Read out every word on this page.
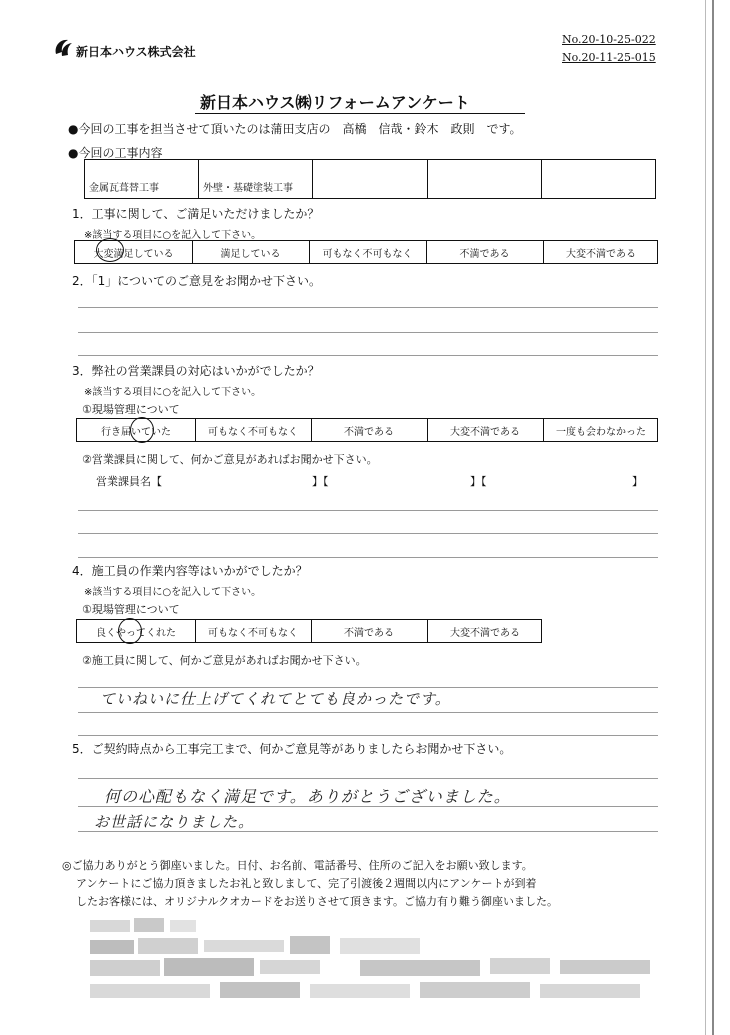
新日本ハウス株式会社
No.20-10-25-022
No.20-11-25-015
新日本ハウス㈱リフォームアンケート
●今回の工事を担当させて頂いたのは蒲田支店の　高橋　信哉・鈴木　政則　です。
●今回の工事内容
金属瓦葺替工事	外壁・基礎塗装工事
1．工事に関して、ご満足いただけましたか？
※該当する項目に○を記入して下さい。
大変満足している	満足している	可もなく不可もなく	不満である	大変不満である
2．「1」についてのご意見をお聞かせ下さい。
3．弊社の営業課員の対応はいかがでしたか？
※該当する項目に○を記入して下さい。
①現場管理について
行き届いていた	可もなく不可もなく	不満である	大変不満である	一度も会わなかった
②営業課員に関して、何かご意見があればお聞かせ下さい。
営業課員名【	】【	】【	】
4．施工員の作業内容等はいかがでしたか？
※該当する項目に○を記入して下さい。
①現場管理について
良くやってくれた	可もなく不可もなく	不満である	大変不満である
②施工員に関して、何かご意見があればお聞かせ下さい。
ていねいに仕上げてくれてとても良かったです。
5．ご契約時点から工事完工まで、何かご意見等がありましたらお聞かせ下さい。
何の心配もなく満足です。ありがとうございました。
お世話になりました。
◎ご協力ありがとう御座いました。日付、お名前、電話番号、住所のご記入をお願い致します。
アンケートにご協力頂きましたお礼と致しまして、完了引渡後２週間以内にアンケートが到着
したお客様には、オリジナルクオカードをお送りさせて頂きます。ご協力有り難う御座いました。
